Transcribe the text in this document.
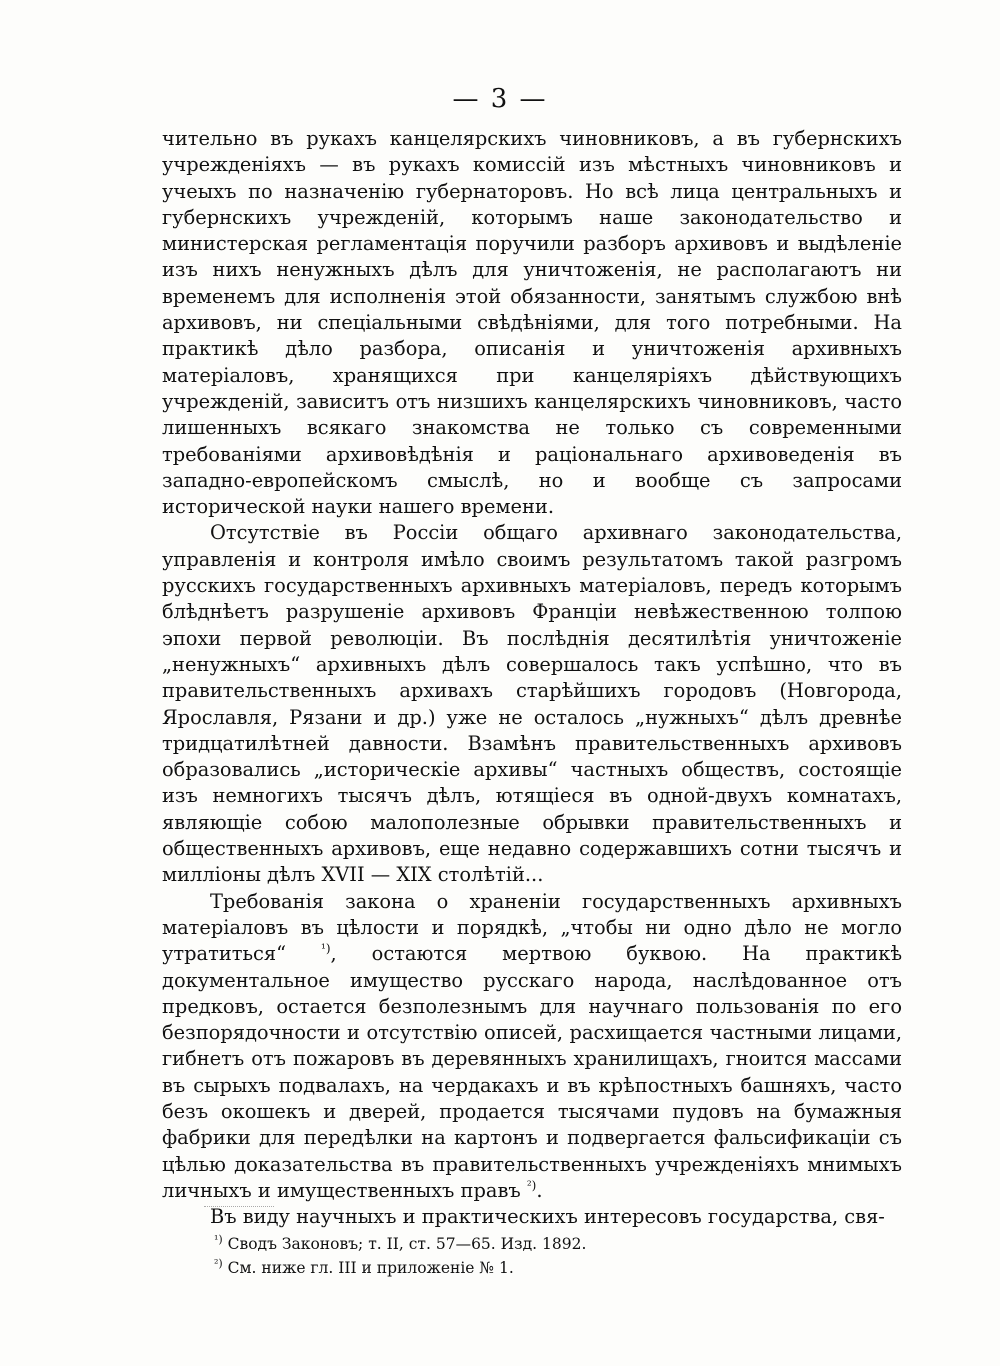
— 3 —

чительно въ рукахъ канцелярскихъ чиновниковъ, а въ губернскихъ учрежденіяхъ — въ рукахъ комиссій изъ мѣстныхъ чиновниковъ и учеыхъ по назначенію губернаторовъ. Но всѣ лица центральныхъ и губернскихъ учрежденій, которымъ наше законодательство и министерская регламентація поручили разборъ архивовъ и выдѣленіе изъ нихъ ненужныхъ дѣлъ для уничтоженія, не располагаютъ ни временемъ для исполненія этой обязанности, занятымъ службою внѣ архивовъ, ни спеціальными свѣдѣніями, для того потребными. На практикѣ дѣло разбора, описанія и уничтоженія архивныхъ матеріаловъ, хранящихся при канцеляріяхъ дѣйствующихъ учрежденій, зависитъ отъ низшихъ канцелярскихъ чиновниковъ, часто лишенныхъ всякаго знакомства не только съ современными требованіями архивовѣдѣнія и раціональнаго архивоведенія въ западно-европейскомъ смыслѣ, но и вообще съ запросами исторической науки нашего времени.

Отсутствіе въ Россіи общаго архивнаго законодательства, управленія и контроля имѣло своимъ результатомъ такой разгромъ русскихъ государственныхъ архивныхъ матеріаловъ, передъ которымъ блѣднѣетъ разрушеніе архивовъ Франціи невѣжественною толпою эпохи первой революціи. Въ послѣднія десятилѣтія уничтоженіе „ненужныхъ“ архивныхъ дѣлъ совершалось такъ успѣшно, что въ правительственныхъ архивахъ старѣйшихъ городовъ (Новгорода, Ярославля, Рязани и др.) уже не осталось „нужныхъ“ дѣлъ древнѣе тридцатилѣтней давности. Взамѣнъ правительственныхъ архивовъ образовались „историческіе архивы“ частныхъ обществъ, состоящіе изъ немногихъ тысячъ дѣлъ, ютящіеся въ одной-двухъ комнатахъ, являющіе собою малополезные обрывки правительственныхъ и общественныхъ архивовъ, еще недавно содержавшихъ сотни тысячъ и милліоны дѣлъ XVII — XIX столѣтій...

Требованія закона о храненіи государственныхъ архивныхъ матеріаловъ въ цѣлости и порядкѣ, „чтобы ни одно дѣло не могло утратиться“ $^{^1)}$, остаются мертвою буквою. На практикѣ документальное имущество русскаго народа, наслѣдованное отъ предковъ, остается безполезнымъ для научнаго пользованія по его безпорядочности и отсутствію описей, расхищается частными лицами, гибнетъ отъ пожаровъ въ деревянныхъ хранилищахъ, гноится массами въ сырыхъ подвалахъ, на чердакахъ и въ крѣпостныхъ башняхъ, часто безъ окошекъ и дверей, продается тысячами пудовъ на бумажныя фабрики для передѣлки на картонъ и подвергается фальсификаціи съ цѣлью доказательства въ правительственныхъ учрежденіяхъ мнимыхъ личныхъ и имущественныхъ правъ $^{^2)}$.

Въ виду научныхъ и практическихъ интересовъ государства, свя-

$^{^1)}$ Сводъ Законовъ; т. II, ст. 57—65. Изд. 1892.
$^{^2)}$ См. ниже гл. III и приложеніе № 1.
